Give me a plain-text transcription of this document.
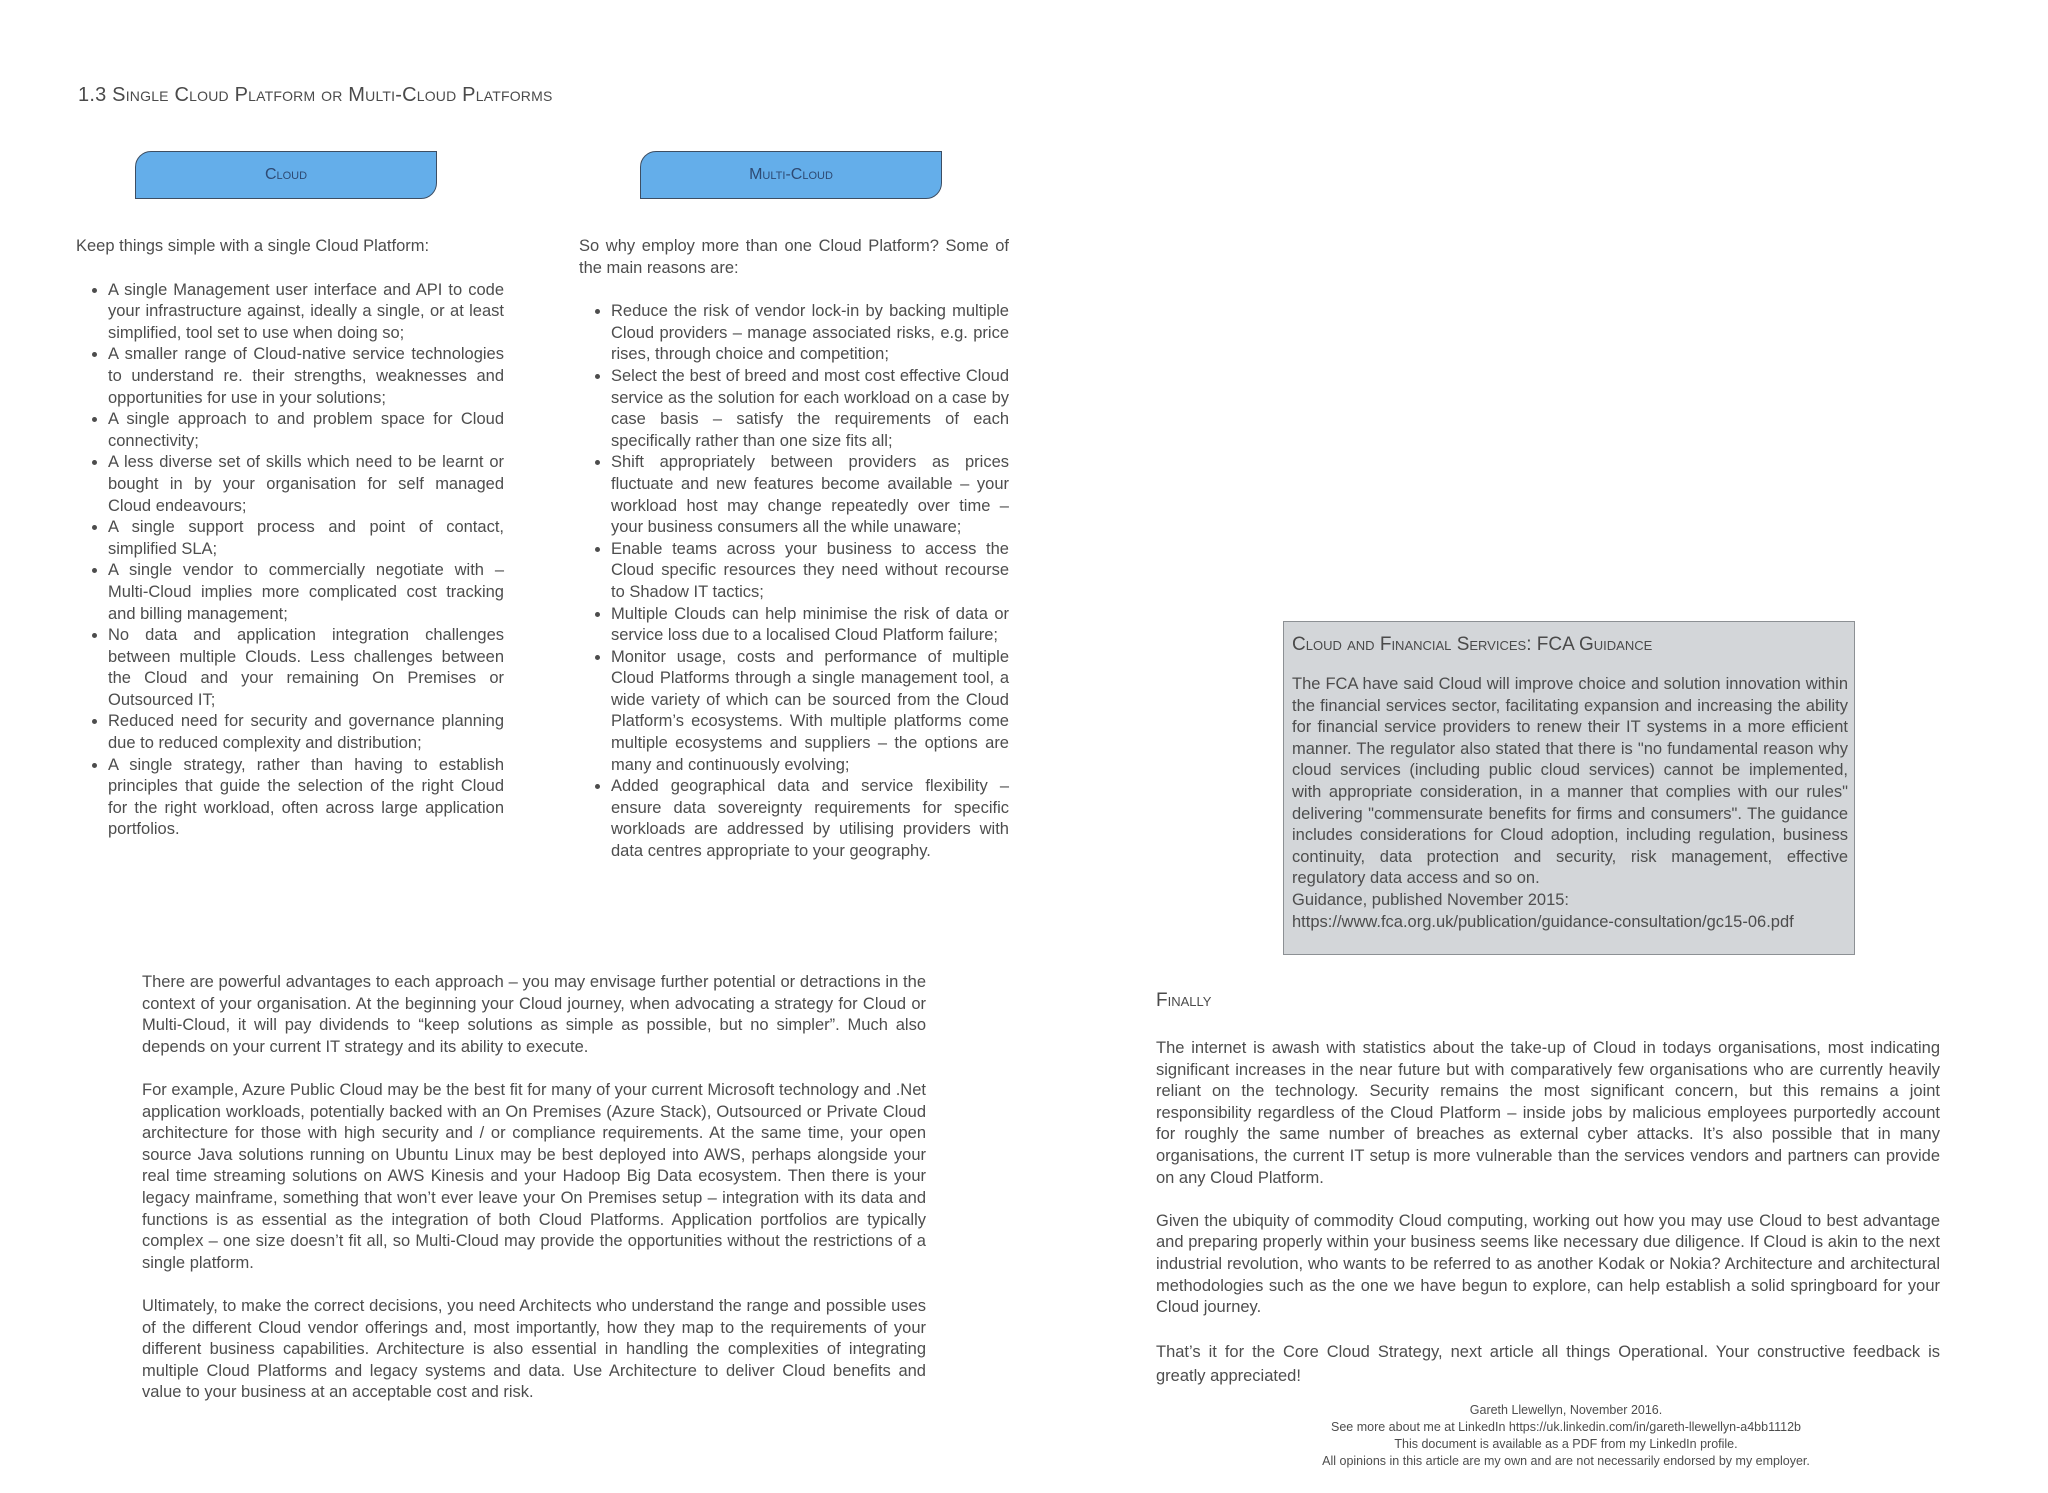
1.3 Single Cloud Platform or Multi-Cloud Platforms
Cloud	Multi-Cloud

Keep things simple with a single Cloud Platform:

• A single Management user interface and API to code your infrastructure against, ideally a single, or at least simplified, tool set to use when doing so;
• A smaller range of Cloud-native service technologies to understand re. their strengths, weaknesses and opportunities for use in your solutions;
• A single approach to and problem space for Cloud connectivity;
• A less diverse set of skills which need to be learnt or bought in by your organisation for self managed Cloud endeavours;
• A single support process and point of contact, simplified SLA;
• A single vendor to commercially negotiate with – Multi-Cloud implies more complicated cost tracking and billing management;
• No data and application integration challenges between multiple Clouds. Less challenges between the Cloud and your remaining On Premises or Outsourced IT;
• Reduced need for security and governance planning due to reduced complexity and distribution;
• A single strategy, rather than having to establish principles that guide the selection of the right Cloud for the right workload, often across large application portfolios.

So why employ more than one Cloud Platform? Some of the main reasons are:

• Reduce the risk of vendor lock-in by backing multiple Cloud providers – manage associated risks, e.g. price rises, through choice and competition;
• Select the best of breed and most cost effective Cloud service as the solution for each workload on a case by case basis – satisfy the requirements of each specifically rather than one size fits all;
• Shift appropriately between providers as prices fluctuate and new features become available – your workload host may change repeatedly over time – your business consumers all the while unaware;
• Enable teams across your business to access the Cloud specific resources they need without recourse to Shadow IT tactics;
• Multiple Clouds can help minimise the risk of data or service loss due to a localised Cloud Platform failure;
• Monitor usage, costs and performance of multiple Cloud Platforms through a single management tool, a wide variety of which can be sourced from the Cloud Platform’s ecosystems. With multiple platforms come multiple ecosystems and suppliers – the options are many and continuously evolving;
• Added geographical data and service flexibility – ensure data sovereignty requirements for specific workloads are addressed by utilising providers with data centres appropriate to your geography.

There are powerful advantages to each approach – you may envisage further potential or detractions in the context of your organisation. At the beginning your Cloud journey, when advocating a strategy for Cloud or Multi-Cloud, it will pay dividends to “keep solutions as simple as possible, but no simpler”. Much also depends on your current IT strategy and its ability to execute.

For example, Azure Public Cloud may be the best fit for many of your current Microsoft technology and .Net application workloads, potentially backed with an On Premises (Azure Stack), Outsourced or Private Cloud architecture for those with high security and / or compliance requirements. At the same time, your open source Java solutions running on Ubuntu Linux may be best deployed into AWS, perhaps alongside your real time streaming solutions on AWS Kinesis and your Hadoop Big Data ecosystem. Then there is your legacy mainframe, something that won’t ever leave your On Premises setup – integration with its data and functions is as essential as the integration of both Cloud Platforms. Application portfolios are typically complex – one size doesn’t fit all, so Multi-Cloud may provide the opportunities without the restrictions of a single platform.

Ultimately, to make the correct decisions, you need Architects who understand the range and possible uses of the different Cloud vendor offerings and, most importantly, how they map to the requirements of your different business capabilities. Architecture is also essential in handling the complexities of integrating multiple Cloud Platforms and legacy systems and data. Use Architecture to deliver Cloud benefits and value to your business at an acceptable cost and risk.

Cloud and Financial Services: FCA Guidance
The FCA have said Cloud will improve choice and solution innovation within the financial services sector, facilitating expansion and increasing the ability for financial service providers to renew their IT systems in a more efficient manner. The regulator also stated that there is "no fundamental reason why cloud services (including public cloud services) cannot be implemented, with appropriate consideration, in a manner that complies with our rules" delivering "commensurate benefits for firms and consumers". The guidance includes considerations for Cloud adoption, including regulation, business continuity, data protection and security, risk management, effective regulatory data access and so on.
Guidance, published November 2015:
https://www.fca.org.uk/publication/guidance-consultation/gc15-06.pdf
Finally

The internet is awash with statistics about the take-up of Cloud in todays organisations, most indicating significant increases in the near future but with comparatively few organisations who are currently heavily reliant on the technology. Security remains the most significant concern, but this remains a joint responsibility regardless of the Cloud Platform – inside jobs by malicious employees purportedly account for roughly the same number of breaches as external cyber attacks. It’s also possible that in many organisations, the current IT setup is more vulnerable than the services vendors and partners can provide on any Cloud Platform.

Given the ubiquity of commodity Cloud computing, working out how you may use Cloud to best advantage and preparing properly within your business seems like necessary due diligence. If Cloud is akin to the next industrial revolution, who wants to be referred to as another Kodak or Nokia? Architecture and architectural methodologies such as the one we have begun to explore, can help establish a solid springboard for your Cloud journey.

That’s it for the Core Cloud Strategy, next article all things Operational. Your constructive feedback is greatly appreciated!

Gareth Llewellyn, November 2016.
See more about me at LinkedIn https://uk.linkedin.com/in/gareth-llewellyn-a4bb1112b
This document is available as a PDF from my LinkedIn profile.
All opinions in this article are my own and are not necessarily endorsed by my employer.
